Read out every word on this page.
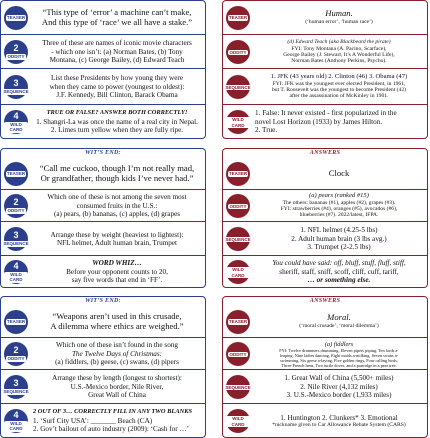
TEASER
“This type of ‘error’ a machine can’t make,
And this type of ‘race’ we all have a stake.”
2
ODDITY
Three of these are names of iconic movie characters
- which one isn’t: (a) Norman Bates, (b) Tony
Montana, (c) George Bailey, (d) Edward Teach
3
SEQUENCE
List these Presidents by how young they were
when they came to power (youngest to oldest):
J.F. Kennedy, Bill Clinton, Barack Obama
4
WILD CARD
TRUE OR FALSE? ANSWER BOTH CORRECTLY!
1. Shangri-La was once the name of a real city in Nepal.
2. Limes turn yellow when they are fully ripe.
TEASER	Human.
(‘human error’, ‘human race’)
ODDITY
(d) Edward Teach (aka Blackbeard the pirate)
FYI: Tony Montana (A. Pacino, Scarface),
George Bailey (J. Stewart, It’s A Wonderful Life),
Norman Bates (Anthony Perkins, Psycho).
SEQUENCE
1. JFK (43 years old) 2. Clinton (46) 3. Obama (47)
FYI: JFK was the youngest ever elected President, in 1961,
but T. Roosevelt was the youngest to become President (42)
after the assassination of McKinley in 1901.
WILD CARD
1. False: It never existed - first popularized in the
novel Lost Horizon (1933) by James Hilton.
2. True.
WIT’S END:
TEASER
“Call me cuckoo, though I’m not really mad,
Or grandfather, though kids I’ve never had.”
2
ODDITY
Which one of these is not among the seven most
consumed fruits in the U.S.:
(a) pears, (b) bananas, (c) apples, (d) grapes
3
SEQUENCE
Arrange these by weight (heaviest to lightest):
NFL helmet, Adult human brain, Trumpet
4
WILD CARD
WORD WHIZ…
Before your opponent counts to 20,
say five words that end in ‘FF’.
ANSWERS
TEASER	Clock
ODDITY
(a) pears (ranked #15)
The others: bananas (#1), apples (#2), grapes (#3).
FYI: strawberries (#4), oranges (#5), avocados (#6),
blueberries (#7). 2022/latest, IFPA.
SEQUENCE
1. NFL helmet (4.25-5 lbs)
2. Adult human brain (3 lbs avg.)
3. Trumpet (2-2.5 lbs)
WILD CARD
You could have said: off, bluff, stuff, fluff, stiff,
sheriff, staff, sniff, scoff, cliff, cuff, tariff,
… or something else.
WIT’S END:
TEASER
“Weapons aren’t used in this crusade,
A dilemma where ethics are weighed.”
2
ODDITY
Which one of these isn’t found in the song
The Twelve Days of Christmas:
(a) fiddlers, (b) geese, (c) swans, (d) pipers
3
SEQUENCE
Arrange these by length (longest to shortest):
U.S.-Mexico border, Nile River,
Great Wall of China
4
WILD CARD
2 OUT OF 3… CORRECTLY FILL IN ANY TWO BLANKS
1. ‘Surf City USA’: _______ Beach (CA)
2. Gov’t bailout of auto industry (2009): ‘Cash for …’
ANSWERS
TEASER	Moral.
(‘moral crusade’, ‘moral dilemma’)
ODDITY
(a) fiddlers
FYI: Twelve drummers drumming, Eleven pipers piping, Ten lords a-
leaping, Nine ladies dancing, Eight maids a-milking, Seven swans a-
swimming, Six geese a-laying, Five golden rings, Four calling birds,
Three French hens, Two turtle doves, and a partridge in a pear tree.
SEQUENCE
1. Great Wall of China (5,500+ miles)
2. Nile River (4,132 miles)
3. U.S.-Mexico border (1,933 miles)
WILD CARD
1. Huntington 2. Clunkers* 3. Emotional
*nickname given to Car Allowance Rebate System (CARS)
